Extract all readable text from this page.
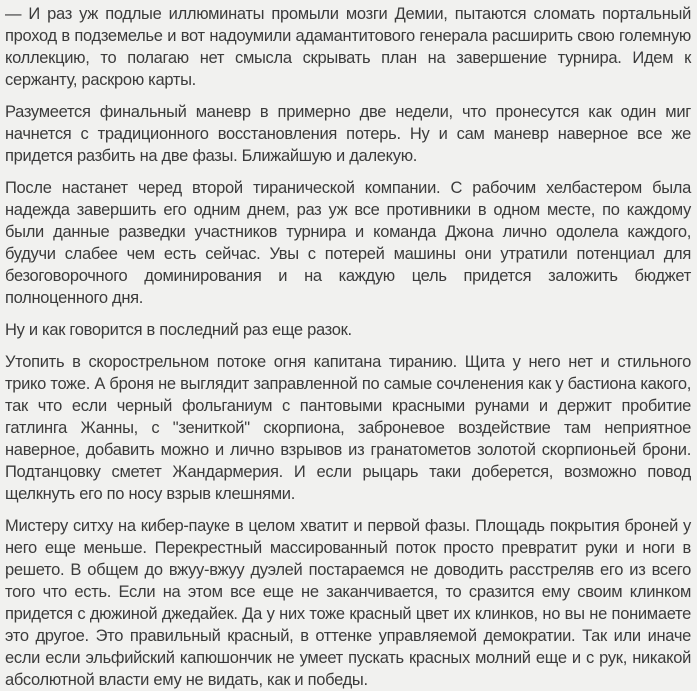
— И раз уж подлые иллюминаты промыли мозги Демии, пытаются сломать портальный проход в подземелье и вот надоумили адамантитового генерала расширить свою големную коллекцию, то полагаю нет смысла скрывать план на завершение турнира. Идем к сержанту, раскрою карты.

Разумеется финальный маневр в примерно две недели, что пронесутся как один миг начнется с традиционного восстановления потерь. Ну и сам маневр наверное все же придется разбить на две фазы. Ближайшую и далекую.

После настанет черед второй тиранической компании. С рабочим хелбастером была надежда завершить его одним днем, раз уж все противники в одном месте, по каждому были данные разведки участников турнира и команда Джона лично одолела каждого, будучи слабее чем есть сейчас. Увы с потерей машины они утратили потенциал для безоговорочного доминирования и на каждую цель придется заложить бюджет полноценного дня.

Ну и как говорится в последний раз еще разок.

Утопить в скорострельном потоке огня капитана тиранию. Щита у него нет и стильного трико тоже. А броня не выглядит заправленной по самые сочленения как у бастиона какого, так что если черный фольганиум с пантовыми красными рунами и держит пробитие гатлинга Жанны, с "зениткой" скорпиона, заброневое воздействие там неприятное наверное, добавить можно и лично взрывов из гранатометов золотой скорпионьей брони. Подтанцовку сметет Жандармерия. И если рыцарь таки доберется, возможно повод щелкнуть его по носу взрыв клешнями.

Мистеру ситху на кибер-пауке в целом хватит и первой фазы. Площадь покрытия броней у него еще меньше. Перекрестный массированный поток просто превратит руки и ноги в решето. В общем до вжуу-вжуу дуэлей постараемся не доводить расстреляв его из всего того что есть. Если на этом все еще не заканчивается, то сразится ему своим клинком придется с дюжиной джедайек. Да у них тоже красный цвет их клинков, но вы не понимаете это другое. Это правильный красный, в оттенке управляемой демократии. Так или иначе если если эльфийский капюшончик не умеет пускать красных молний еще и с рук, никакой абсолютной власти ему не видать, как и победы.
